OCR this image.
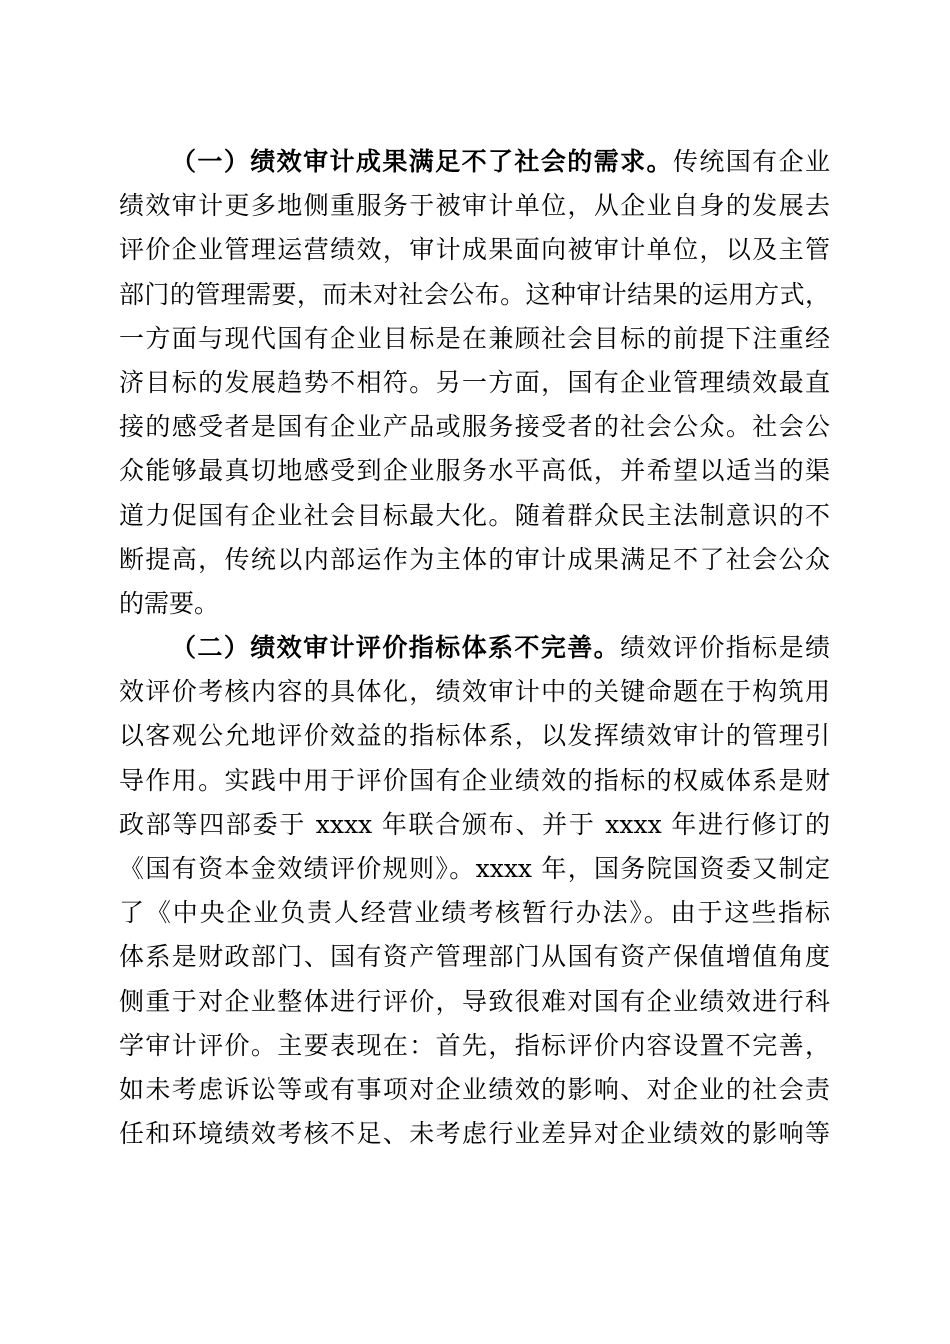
（一）绩效审计成果满足不了社会的需求。传统国有企业
绩效审计更多地侧重服务于被审计单位，从企业自身的发展去
评价企业管理运营绩效，审计成果面向被审计单位，以及主管
部门的管理需要，而未对社会公布。这种审计结果的运用方式，
一方面与现代国有企业目标是在兼顾社会目标的前提下注重经
济目标的发展趋势不相符。另一方面，国有企业管理绩效最直
接的感受者是国有企业产品或服务接受者的社会公众。社会公
众能够最真切地感受到企业服务水平高低，并希望以适当的渠
道力促国有企业社会目标最大化。随着群众民主法制意识的不
断提高，传统以内部运作为主体的审计成果满足不了社会公众
的需要。
（二）绩效审计评价指标体系不完善。绩效评价指标是绩
效评价考核内容的具体化，绩效审计中的关键命题在于构筑用
以客观公允地评价效益的指标体系，以发挥绩效审计的管理引
导作用。实践中用于评价国有企业绩效的指标的权威体系是财
政部等四部委于 xxxx 年联合颁布、并于 xxxx 年进行修订的
《国有资本金效绩评价规则》。xxxx 年，国务院国资委又制定
了《中央企业负责人经营业绩考核暂行办法》。由于这些指标
体系是财政部门、国有资产管理部门从国有资产保值增值角度
侧重于对企业整体进行评价，导致很难对国有企业绩效进行科
学审计评价。主要表现在：首先，指标评价内容设置不完善，
如未考虑诉讼等或有事项对企业绩效的影响、对企业的社会责
任和环境绩效考核不足、未考虑行业差异对企业绩效的影响等
